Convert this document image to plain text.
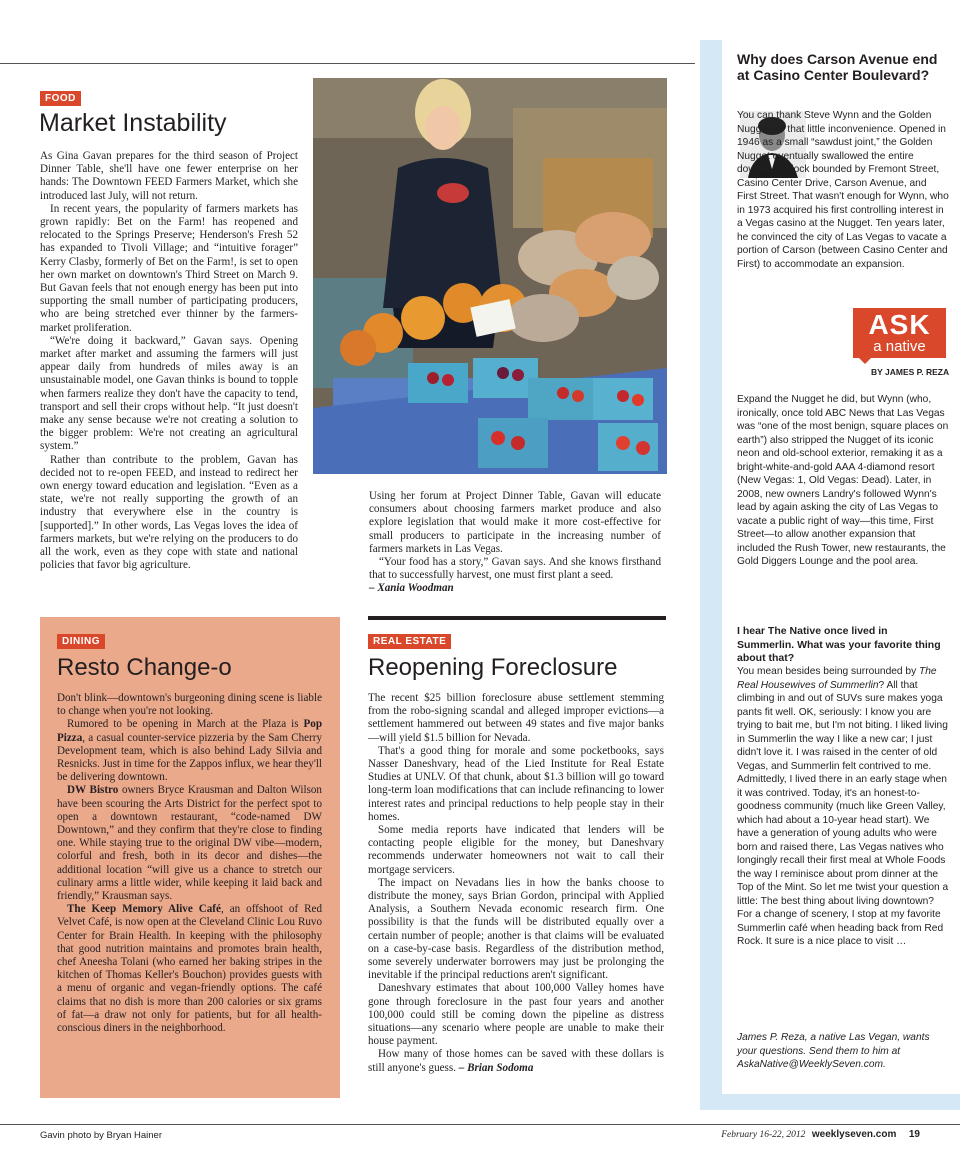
FOOD
Market Instability

As Gina Gavan prepares for the third season of Project Dinner Table, she'll have one fewer enterprise on her hands: The Downtown FEED Farmers Market, which she introduced last July, will not return.

In recent years, the popularity of farmers markets has grown rapidly: Bet on the Farm! has reopened and relocated to the Springs Preserve; Henderson's Fresh 52 has expanded to Tivoli Village; and “intuitive forager” Kerry Clasby, formerly of Bet on the Farm!, is set to open her own market on downtown's Third Street on March 9. But Gavan feels that not enough energy has been put into supporting the small number of participating producers, who are being stretched ever thinner by the farmers-market proliferation.

“We're doing it backward,” Gavan says. Opening market after market and assuming the farmers will just appear daily from hundreds of miles away is an unsustainable model, one Gavan thinks is bound to topple when farmers realize they don't have the capacity to tend, transport and sell their crops without help. “It just doesn't make any sense because we're not creating a solution to the bigger problem: We're not creating an agricultural system.”

Rather than contribute to the problem, Gavan has decided not to re-open FEED, and instead to redirect her own energy toward education and legislation. “Even as a state, we're not really supporting the growth of an industry that everywhere else in the country is [supported].” In other words, Las Vegas loves the idea of farmers markets, but we're relying on the producers to do all the work, even as they cope with state and national policies that favor big agriculture.

Using her forum at Project Dinner Table, Gavan will educate consumers about choosing farmers market produce and also explore legislation that would make it more cost-effective for small producers to participate in the increasing number of farmers markets in Las Vegas.

“Your food has a story,” Gavan says. And she knows firsthand that to successfully harvest, one must first plant a seed.

– Xania Woodman

DINING
Resto Change-o

Don't blink—downtown's burgeoning dining scene is liable to change when you're not looking.

Rumored to be opening in March at the Plaza is Pop Pizza, a casual counter-service pizzeria by the Sam Cherry Development team, which is also behind Lady Silvia and Resnicks. Just in time for the Zappos influx, we hear they'll be delivering downtown.

DW Bistro owners Bryce Krausman and Dalton Wilson have been scouring the Arts District for the perfect spot to open a downtown restaurant, “code-named DW Downtown,” and they confirm that they're close to finding one. While staying true to the original DW vibe—modern, colorful and fresh, both in its decor and dishes—the additional location “will give us a chance to stretch our culinary arms a little wider, while keeping it laid back and friendly,” Krausman says.

The Keep Memory Alive Café, an offshoot of Red Velvet Café, is now open at the Cleveland Clinic Lou Ruvo Center for Brain Health. In keeping with the philosophy that good nutrition maintains and promotes brain health, chef Aneesha Tolani (who earned her baking stripes in the kitchen of Thomas Keller's Bouchon) provides guests with a menu of organic and vegan-friendly options. The café claims that no dish is more than 200 calories or six grams of fat—a draw not only for patients, but for all health-conscious diners in the neighborhood.

REAL ESTATE
Reopening Foreclosure

The recent $25 billion foreclosure abuse settlement stemming from the robo-signing scandal and alleged improper evictions—a settlement hammered out between 49 states and five major banks—will yield $1.5 billion for Nevada.

That's a good thing for morale and some pocketbooks, says Nasser Daneshvary, head of the Lied Institute for Real Estate Studies at UNLV. Of that chunk, about $1.3 billion will go toward long-term loan modifications that can include refinancing to lower interest rates and principal reductions to help people stay in their homes.

Some media reports have indicated that lenders will be contacting people eligible for the money, but Daneshvary recommends underwater homeowners not wait to call their mortgage servicers.

The impact on Nevadans lies in how the banks choose to distribute the money, says Brian Gordon, principal with Applied Analysis, a Southern Nevada economic research firm. One possibility is that the funds will be distributed equally over a certain number of people; another is that claims will be evaluated on a case-by-case basis. Regardless of the distribution method, some severely underwater borrowers may just be prolonging the inevitable if the principal reductions aren't significant.

Daneshvary estimates that about 100,000 Valley homes have gone through foreclosure in the past four years and another 100,000 could still be coming down the pipeline as distress situations—any scenario where people are unable to make their house payment.

How many of those homes can be saved with these dollars is still anyone's guess. – Brian Sodoma

Why does Carson Avenue end at Casino Center Boulevard?

You can thank Steve Wynn and the Golden Nugget for that little inconvenience. Opened in 1946 as a small “sawdust joint,” the Golden Nugget eventually swallowed the entire downtown block bounded by Fremont Street, Casino Center Drive, Carson Avenue, and First Street. That wasn't enough for Wynn, who in 1973 acquired his first controlling interest in a Vegas casino at the Nugget. Ten years later, he convinced the city of Las Vegas to vacate a portion of Carson (between Casino Center and First) to accommodate an expansion.

ASK
a native
BY JAMES P. REZA

Expand the Nugget he did, but Wynn (who, ironically, once told ABC News that Las Vegas was “one of the most benign, square places on earth”) also stripped the Nugget of its iconic neon and old-school exterior, remaking it as a bright-white-and-gold AAA 4-diamond resort (New Vegas: 1, Old Vegas: Dead). Later, in 2008, new owners Landry's followed Wynn's lead by again asking the city of Las Vegas to vacate a public right of way—this time, First Street—to allow another expansion that included the Rush Tower, new restaurants, the Gold Diggers Lounge and the pool area.

I hear The Native once lived in Summerlin. What was your favorite thing about that?

You mean besides being surrounded by The Real Housewives of Summerlin? All that climbing in and out of SUVs sure makes yoga pants fit well. OK, seriously: I know you are trying to bait me, but I'm not biting. I liked living in Summerlin the way I like a new car; I just didn't love it. I was raised in the center of old Vegas, and Summerlin felt contrived to me. Admittedly, I lived there in an early stage when it was contrived. Today, it's an honest-to-goodness community (much like Green Valley, which had about a 10-year head start). We have a generation of young adults who were born and raised there, Las Vegas natives who longingly recall their first meal at Whole Foods the way I reminisce about prom dinner at the Top of the Mint. So let me twist your question a little: The best thing about living downtown? For a change of scenery, I stop at my favorite Summerlin café when heading back from Red Rock. It sure is a nice place to visit …

James P. Reza, a native Las Vegan, wants your questions. Send them to him at AskaNative@WeeklySeven.com.
Gavin photo by Bryan Hainer	February 16-22, 2012 weeklyseven.com 19
